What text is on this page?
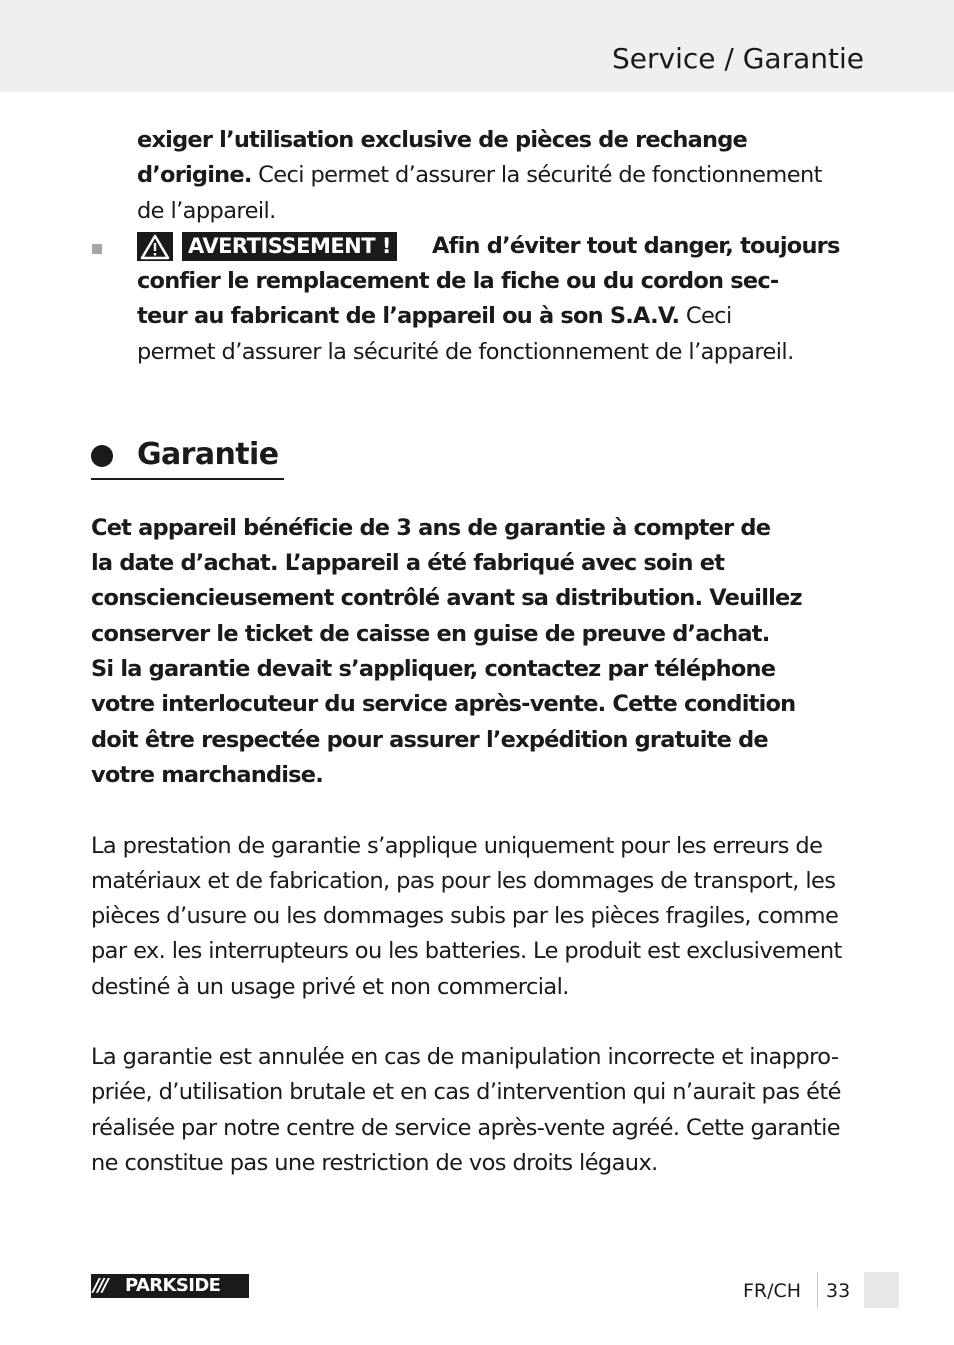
Service / Garantie
exiger l’utilisation exclusive de pièces de rechange
d’origine. Ceci permet d’assurer la sécurité de fonctionnement
de l’appareil.
AVERTISSEMENT ! Afin d’éviter tout danger, toujours
confier le remplacement de la fiche ou du cordon sec-
teur au fabricant de l’appareil ou à son S.A.V. Ceci
permet d’assurer la sécurité de fonctionnement de l’appareil.
Garantie
Cet appareil bénéficie de 3 ans de garantie à compter de
la date d’achat. L’appareil a été fabriqué avec soin et
consciencieusement contrôlé avant sa distribution. Veuillez
conserver le ticket de caisse en guise de preuve d’achat.
Si la garantie devait s’appliquer, contactez par téléphone
votre interlocuteur du service après-vente. Cette condition
doit être respectée pour assurer l’expédition gratuite de
votre marchandise.
La prestation de garantie s’applique uniquement pour les erreurs de
matériaux et de fabrication, pas pour les dommages de transport, les
pièces d’usure ou les dommages subis par les pièces fragiles, comme
par ex. les interrupteurs ou les batteries. Le produit est exclusivement
destiné à un usage privé et non commercial.
La garantie est annulée en cas de manipulation incorrecte et inappro-
priée, d’utilisation brutale et en cas d’intervention qui n’aurait pas été
réalisée par notre centre de service après-vente agréé. Cette garantie
ne constitue pas une restriction de vos droits légaux.
/// PARKSIDE	FR/CH 33
